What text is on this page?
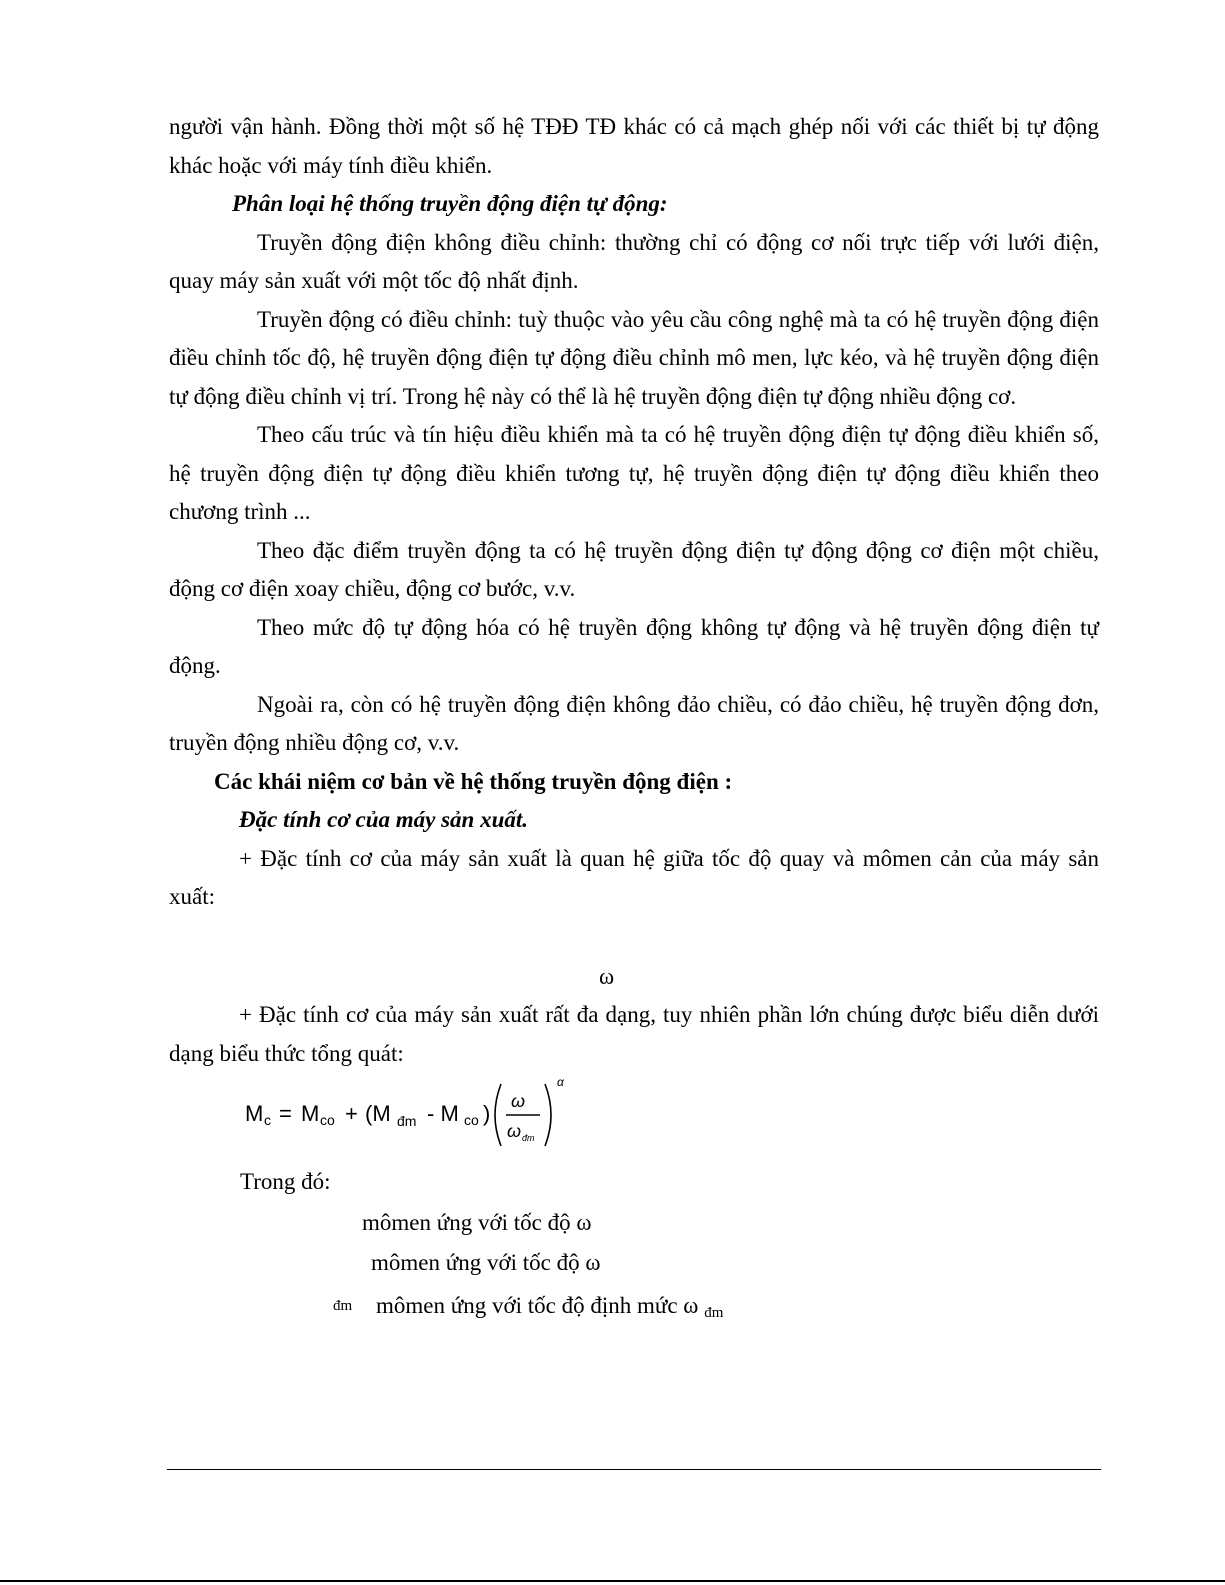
người vận hành. Đồng thời một số hệ TĐĐ TĐ khác có cả mạch ghép nối với các thiết bị tự động khác hoặc với máy tính điều khiển.

Phân loại hệ thống truyền động điện tự động:

Truyền động điện không điều chỉnh: thường chỉ có động cơ nối trực tiếp với lưới điện, quay máy sản xuất với một tốc độ nhất định.

Truyền động có điều chỉnh: tuỳ thuộc vào yêu cầu công nghệ mà ta có hệ truyền động điện điều chỉnh tốc độ, hệ truyền động điện tự động điều chỉnh mô men, lực kéo, và hệ truyền động điện tự động điều chỉnh vị trí. Trong hệ này có thể là hệ truyền động điện tự động nhiều động cơ.

Theo cấu trúc và tín hiệu điều khiển mà ta có hệ truyền động điện tự động điều khiển số, hệ truyền động điện tự động điều khiển tương tự, hệ truyền động điện tự động điều khiển theo chương trình ...

Theo đặc điểm truyền động ta có hệ truyền động điện tự động động cơ điện một chiều, động cơ điện xoay chiều, động cơ bước, v.v.

Theo mức độ tự động hóa có hệ truyền động không tự động và hệ truyền động điện tự động.

Ngoài ra, còn có hệ truyền động điện không đảo chiều, có đảo chiều, hệ truyền động đơn, truyền động nhiều động cơ, v.v.

Các khái niệm cơ bản về hệ thống truyền động điện :

Đặc tính cơ của máy sản xuất.

+ Đặc tính cơ của máy sản xuất là quan hệ giữa tốc độ quay và mômen cản của máy sản xuất:

ω

+ Đặc tính cơ của máy sản xuất rất đa dạng, tuy nhiên phần lớn chúng được biểu diễn dưới dạng biểu thức tổng quát:

M c = M co + (M đm - M co ) ω
ω đm
α
Trong đó:
mômen ứng với tốc độ ω
mômen ứng với tốc độ ω
đm mômen ứng với tốc độ định mức ω $_{đm}$
